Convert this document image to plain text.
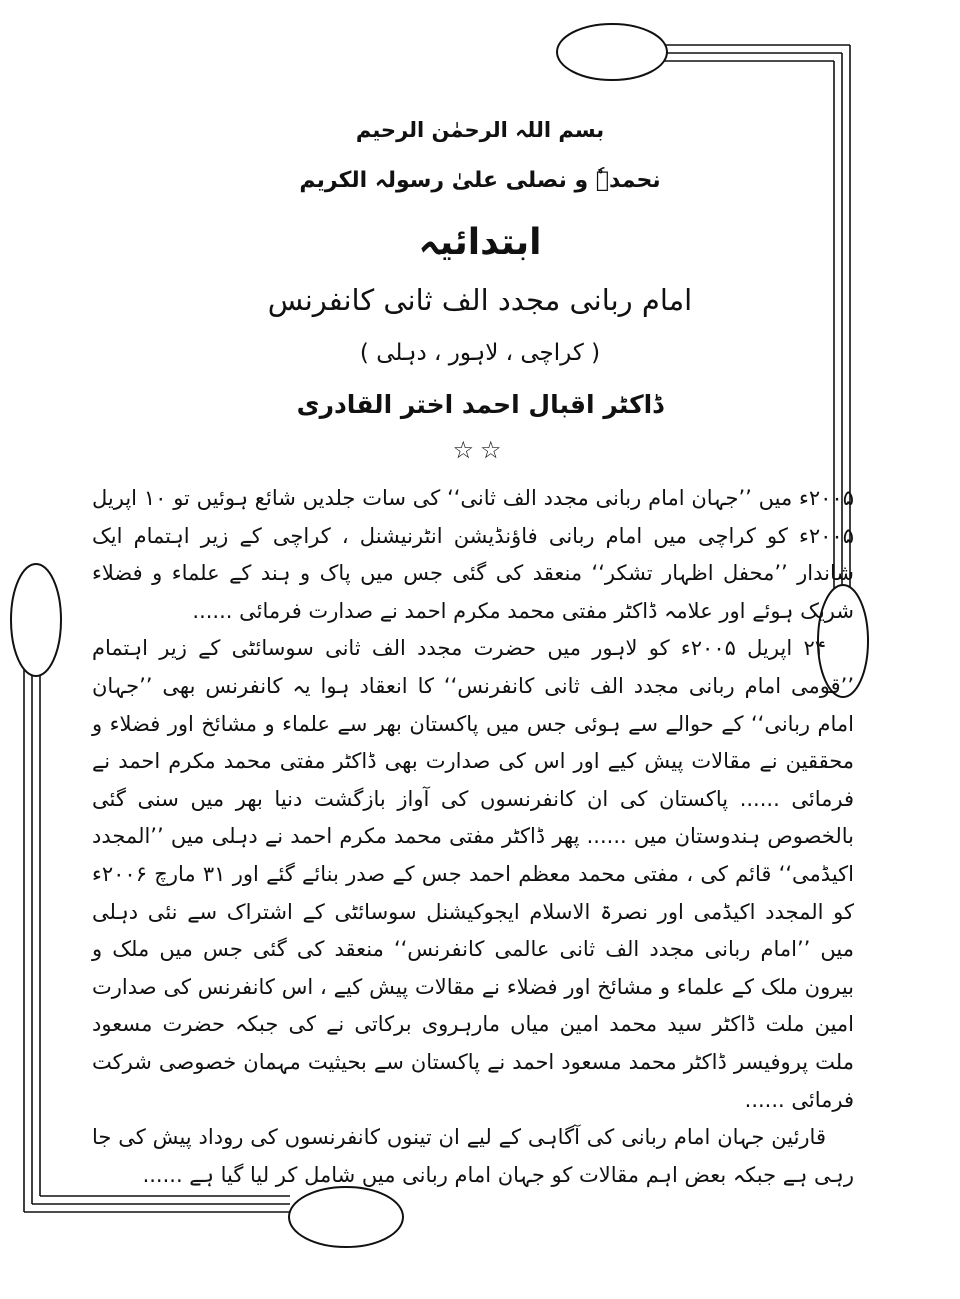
بسم اللہ الرحمٰن الرحیم
نحمدہٗ و نصلی علیٰ رسولہ الکریم
ابتدائیہ
امام ربانی مجدد الف ثانی کانفرنس
( کراچی ، لاہور ، دہلی )
ڈاکٹر اقبال احمد اختر القادری
☆☆

۲۰۰۵ء میں ’’جہان امام ربانی مجدد الف ثانی‘‘ کی سات جلدیں شائع ہوئیں تو ۱۰ اپریل ۲۰۰۵ء کو کراچی میں امام ربانی فاؤنڈیشن انٹرنیشنل ، کراچی کے زیر اہتمام ایک شاندار ’’محفل اظہار تشکر‘‘ منعقد کی گئی جس میں پاک و ہند کے علماء و فضلاء شریک ہوئے اور علامہ ڈاکٹر مفتی محمد مکرم احمد نے صدارت فرمائی ......

۲۴ اپریل ۲۰۰۵ء کو لاہور میں حضرت مجدد الف ثانی سوسائٹی کے زیر اہتمام ’’قومی امام ربانی مجدد الف ثانی کانفرنس‘‘ کا انعقاد ہوا یہ کانفرنس بھی ’’جہان امام ربانی‘‘ کے حوالے سے ہوئی جس میں پاکستان بھر سے علماء و مشائخ اور فضلاء و محققین نے مقالات پیش کیے اور اس کی صدارت بھی ڈاکٹر مفتی محمد مکرم احمد نے فرمائی ...... پاکستان کی ان کانفرنسوں کی آواز بازگشت دنیا بھر میں سنی گئی بالخصوص ہندوستان میں ...... پھر ڈاکٹر مفتی محمد مکرم احمد نے دہلی میں ’’المجدد اکیڈمی‘‘ قائم کی ، مفتی محمد معظم احمد جس کے صدر بنائے گئے اور ۳۱ مارچ ۲۰۰۶ء کو المجدد اکیڈمی اور نصرۃ الاسلام ایجوکیشنل سوسائٹی کے اشتراک سے نئی دہلی میں ’’امام ربانی مجدد الف ثانی عالمی کانفرنس‘‘ منعقد کی گئی جس میں ملک و بیرون ملک کے علماء و مشائخ اور فضلاء نے مقالات پیش کیے ، اس کانفرنس کی صدارت امین ملت ڈاکٹر سید محمد امین میاں مارہروی برکاتی نے کی جبکہ حضرت مسعود ملت پروفیسر ڈاکٹر محمد مسعود احمد نے پاکستان سے بحیثیت مہمان خصوصی شرکت فرمائی ......

قارئین جہان امام ربانی کی آگاہی کے لیے ان تینوں کانفرنسوں کی روداد پیش کی جا رہی ہے جبکہ بعض اہم مقالات کو جہان امام ربانی میں شامل کر لیا گیا ہے ......
